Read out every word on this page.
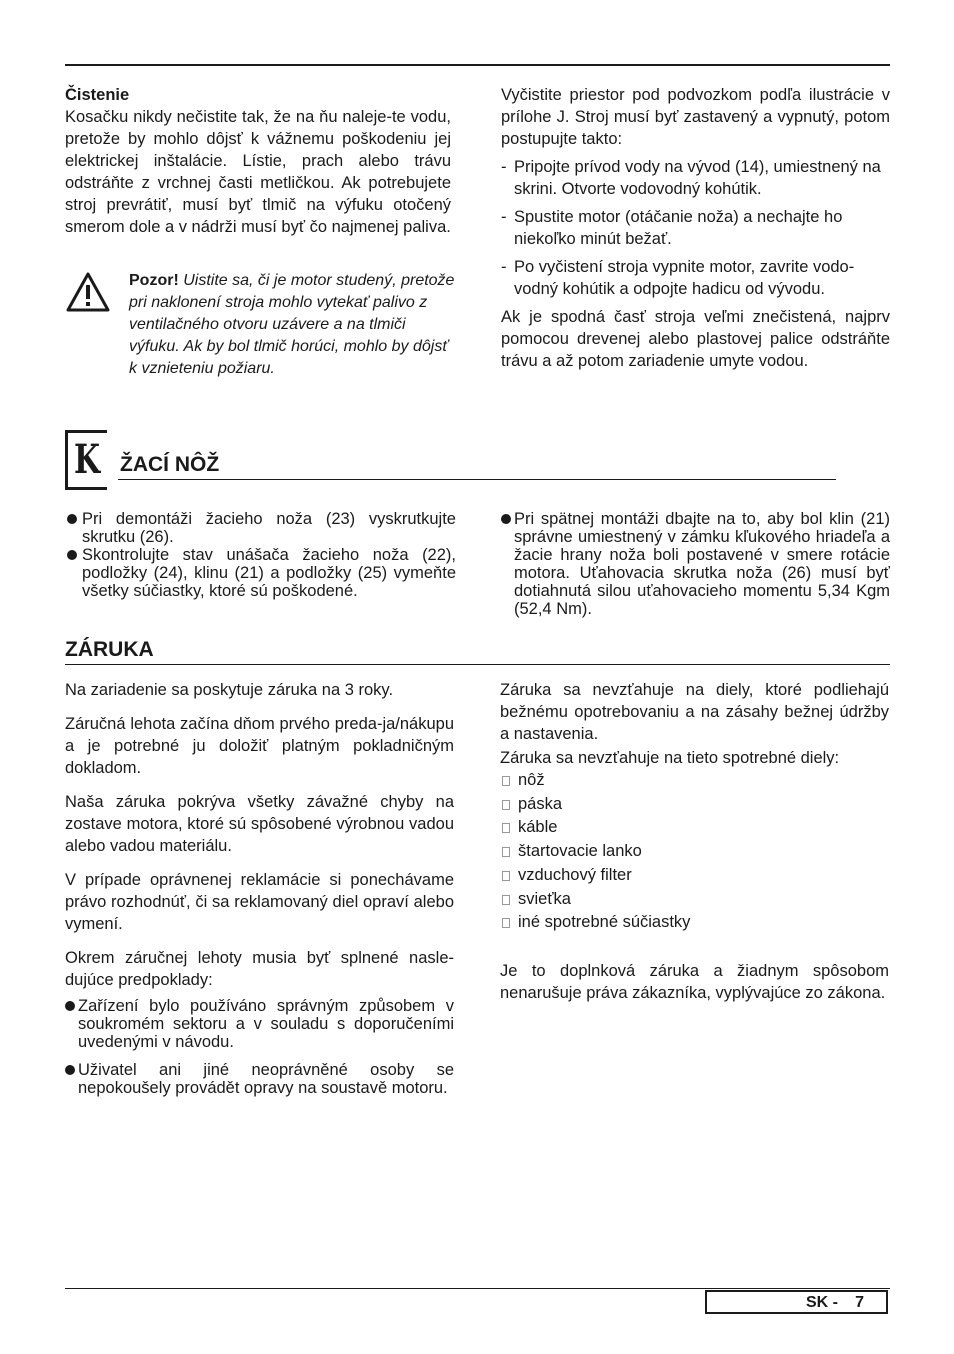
Čistenie

Kosačku nikdy nečistite tak, že na ňu naleje-te vodu, pretože by mohlo dôjsť k vážnemu poškodeniu jej elektrickej inštalácie. Lístie, prach alebo trávu odstráňte z vrchnej časti metličkou. Ak potrebujete stroj prevrátiť, musí byť tlmič na výfuku otočený smerom dole a v nádrži musí byť čo najmenej paliva.

Pozor! Uistite sa, či je motor studený, pretože pri naklonení stroja mohlo vytekať palivo z ventilačného otvoru uzávere a na tlmiči výfuku. Ak by bol tlmič horúci, mohlo by dôjsť k vznieteniu požiaru.

Vyčistite priestor pod podvozkom podľa ilustrácie v prílohe J. Stroj musí byť zastavený a vypnutý, potom postupujte takto:

- Pripojte prívod vody na vývod (14), umiestnený na skrini. Otvorte vodovodný kohútik.
- Spustite motor (otáčanie noža) a nechajte ho niekoľko minút bežať.
- Po vyčistení stroja vypnite motor, zavrite vodo-vodný kohútik a odpojte hadicu od vývodu.

Ak je spodná časť stroja veľmi znečistená, najprv pomocou drevenej alebo plastovej palice odstráňte trávu a až potom zariadenie umyte vodou.

K ŽACÍ NÔŽ
Pri demontáži žacieho noža (23) vyskrutkujte skrutku (26).
Skontrolujte stav unášača žacieho noža (22), podložky (24), klinu (21) a podložky (25) vymeňte všetky súčiastky, ktoré sú poškodené.
Pri spätnej montáži dbajte na to, aby bol klin (21) správne umiestnený v zámku kľukového hriadeľa a žacie hrany noža boli postavené v smere rotácie motora. Uťahovacia skrutka noža (26) musí byť dotiahnutá silou uťahovacieho momentu 5,34 Kgm (52,4 Nm).
ZÁRUKA

Na zariadenie sa poskytuje záruka na 3 roky.

Záručná lehota začína dňom prvého preda-ja/nákupu a je potrebné ju doložiť platným pokladničným dokladom.

Naša záruka pokrýva všetky závažné chyby na zostave motora, ktoré sú spôsobené výrobnou vadou alebo vadou materiálu.

V prípade oprávnenej reklamácie si ponechávame právo rozhodnúť, či sa reklamovaný diel opraví alebo vymení.

Okrem záručnej lehoty musia byť splnené nasle-dujúce predpoklady:

Zařízení bylo používáno správným způsobem v soukromém sektoru a v souladu s doporučeními uvedenými v návodu.
Uživatel ani jiné neoprávněné osoby se nepokoušely provádět opravy na soustavě motoru.

Záruka sa nevzťahuje na diely, ktoré podliehajú bežnému opotrebovaniu a na zásahy bežnej údržby a nastavenia.

Záruka sa nevzťahuje na tieto spotrebné diely:

nôž
páska
káble
štartovacie lanko
vzduchový filter
svieťka
iné spotrebné súčiastky

Je to doplnková záruka a žiadnym spôsobom nenarušuje práva zákazníka, vyplývajúce zo zákona.

SK - 7
